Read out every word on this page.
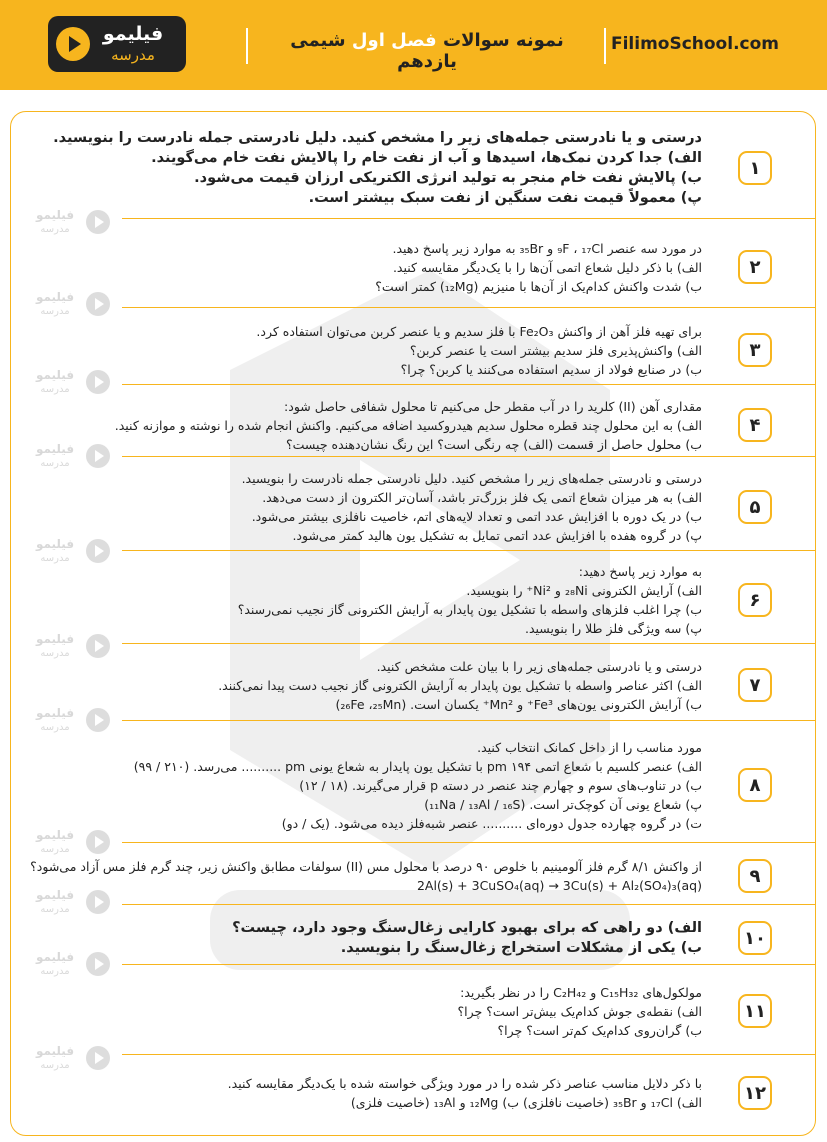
فیلیمو
مدرسه
نمونه سوالات فصل اول شیمی یازدهم
FilimoSchool.com
۱

درستی و یا نادرستی جمله‌های زیر را مشخص کنید. دلیل نادرستی جمله نادرست را بنویسید.

الف) جدا کردن نمک‌ها، اسیدها و آب از نفت خام را پالایش نفت خام می‌گویند.

ب) پالایش نفت خام منجر به تولید انرژی الکتریکی ارزان قیمت می‌شود.

پ) معمولاً قیمت نفت سنگین از نفت سبک بیشتر است.

۲

در مورد سه عنصر ₉F ، ₁₇Cl و ₃₅Br به موارد زیر پاسخ دهید.

الف) با ذکر دلیل شعاع اتمی آن‌ها را با یک‌دیگر مقایسه کنید.

ب) شدت واکنش کدام‌یک از آن‌ها با منیزیم (₁₂Mg) کمتر است؟

۳

برای تهیه فلز آهن از واکنش Fe₂O₃ با فلز سدیم و یا عنصر کربن می‌توان استفاده کرد.

الف) واکنش‌پذیری فلز سدیم بیشتر است یا عنصر کربن؟

ب) در صنایع فولاد از سدیم استفاده می‌کنند یا کربن؟ چرا؟

۴

مقداری آهن (II) کلرید را در آب مقطر حل می‌کنیم تا محلول شفافی حاصل شود:

الف) به این محلول چند قطره محلول سدیم هیدروکسید اضافه می‌کنیم. واکنش انجام شده را نوشته و موازنه کنید.

ب) محلول حاصل از قسمت (الف) چه رنگی است؟ این رنگ نشان‌دهنده چیست؟

۵

درستی و نادرستی جمله‌های زیر را مشخص کنید. دلیل نادرستی جمله نادرست را بنویسید.

الف) به هر میزان شعاع اتمی یک فلز بزرگ‌تر باشد، آسان‌تر الکترون از دست می‌دهد.

ب) در یک دوره با افزایش عدد اتمی و تعداد لایه‌های اتم، خاصیت نافلزی بیشتر می‌شود.

پ) در گروه هفده با افزایش عدد اتمی تمایل به تشکیل یون هالید کمتر می‌شود.

۶

به موارد زیر پاسخ دهید:

الف) آرایش الکترونی ₂₈Ni و Ni²⁺ را بنویسید.

ب) چرا اغلب فلزهای واسطه با تشکیل یون پایدار به آرایش الکترونی گاز نجیب نمی‌رسند؟

پ) سه ویژگی فلز طلا را بنویسید.

۷

درستی و یا نادرستی جمله‌های زیر را با بیان علت مشخص کنید.

الف) اکثر عناصر واسطه با تشکیل یون پایدار به آرایش الکترونی گاز نجیب دست پیدا نمی‌کنند.

ب) آرایش الکترونی یون‌های Fe³⁺ و Mn²⁺ یکسان است. (₂₆Fe ،₂₅Mn)

۸

مورد مناسب را از داخل کمانک انتخاب کنید.

الف) عنصر کلسیم با شعاع اتمی ۱۹۴ pm با تشکیل یون پایدار به شعاع یونی pm .......... می‌رسد. (۲۱۰ / ۹۹)

ب) در تناوب‌های سوم و چهارم چند عنصر در دسته p قرار می‌گیرند. (۱۸ / ۱۲)

پ) شعاع یونی آن کوچک‌تر است. (₁₁Na / ₁₃Al / ₁₆S)

ت) در گروه چهارده جدول دوره‌ای .......... عنصر شبه‌فلز دیده می‌شود. (یک / دو)

۹

از واکنش ۸/۱ گرم فلز آلومینیم با خلوص ۹۰ درصد با محلول مس (II) سولفات مطابق واکنش زیر، چند گرم فلز مس آزاد می‌شود؟

2Al(s) + 3CuSO₄(aq) → 3Cu(s) + Al₂(SO₄)₃(aq)

۱۰

الف) دو راهی که برای بهبود کارایی زغال‌سنگ وجود دارد، چیست؟

ب) یکی از مشکلات استخراج زغال‌سنگ را بنویسید.

۱۱

مولکول‌های C₁₅H₃₂ و C₂H₄₂ را در نظر بگیرید:

الف) نقطه‌ی جوش کدام‌یک بیش‌تر است؟ چرا؟

ب) گران‌روی کدام‌یک کم‌تر است؟ چرا؟

۱۲

با ذکر دلایل مناسب عناصر ذکر شده را در مورد ویژگی خواسته شده با یک‌دیگر مقایسه کنید.

الف) ₁₇Cl و ₃₅Br (خاصیت نافلزی) ب) ₁₂Mg و ₁₃Al (خاصیت فلزی)

فیلیمو
مدرسه
فیلیمو
مدرسه
فیلیمو
مدرسه
فیلیمو
مدرسه
فیلیمو
مدرسه
فیلیمو
مدرسه
فیلیمو
مدرسه
فیلیمو
مدرسه
فیلیمو
مدرسه
فیلیمو
مدرسه
فیلیمو
مدرسه
